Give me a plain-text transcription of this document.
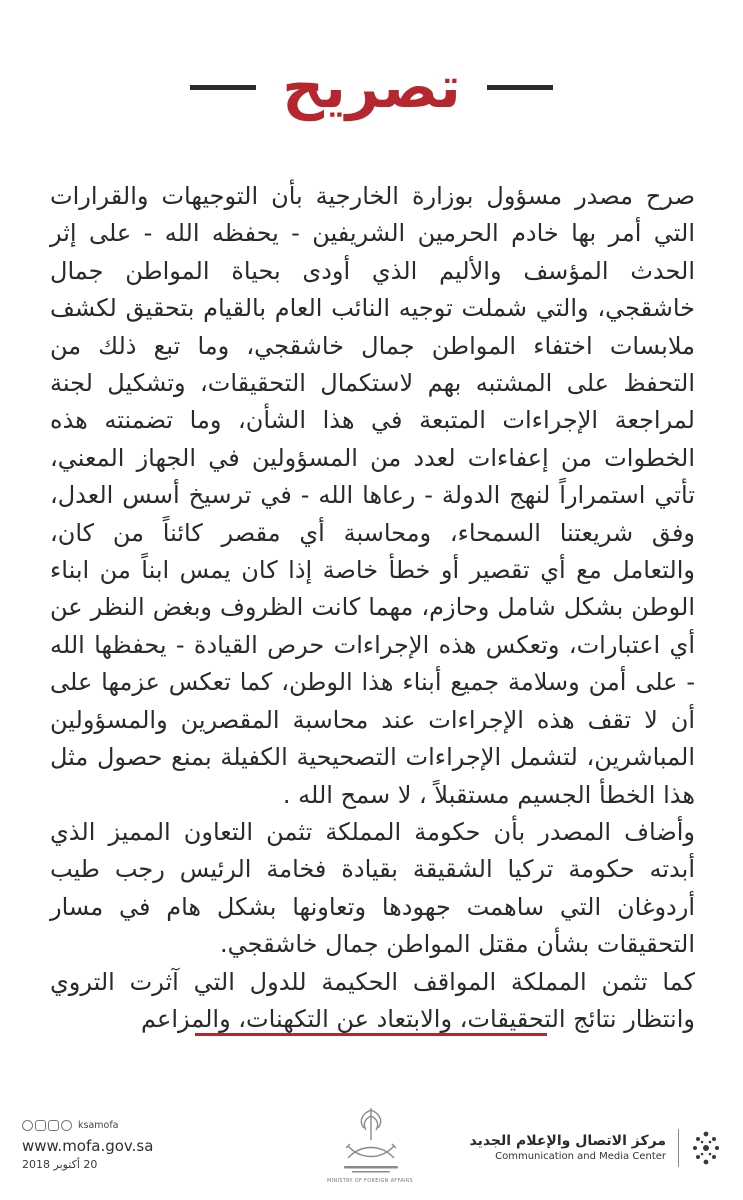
تصريح

صرح مصدر مسؤول بوزارة الخارجية بأن التوجيهات والقرارات التي أمر بها خادم الحرمين الشريفين - يحفظه الله - على إثر الحدث المؤسف والأليم الذي أودى بحياة المواطن جمال خاشقجي، والتي شملت توجيه النائب العام بالقيام بتحقيق لكشف ملابسات اختفاء المواطن جمال خاشقجي، وما تبع ذلك من التحفظ على المشتبه بهم لاستكمال التحقيقات، وتشكيل لجنة لمراجعة الإجراءات المتبعة في هذا الشأن، وما تضمنته هذه الخطوات من إعفاءات لعدد من المسؤولين في الجهاز المعني، تأتي استمراراً لنهج الدولة - رعاها الله - في ترسيخ أسس العدل، وفق شريعتنا السمحاء، ومحاسبة أي مقصر كائناً من كان، والتعامل مع أي تقصير أو خطأ خاصة إذا كان يمس ابناً من ابناء الوطن بشكل شامل وحازم، مهما كانت الظروف وبغض النظر عن أي اعتبارات، وتعكس هذه الإجراءات حرص القيادة - يحفظها الله - على أمن وسلامة جميع أبناء هذا الوطن، كما تعكس عزمها على أن لا تقف هذه الإجراءات عند محاسبة المقصرين والمسؤولين المباشرين، لتشمل الإجراءات التصحيحية الكفيلة بمنع حصول مثل هذا الخطأ الجسيم مستقبلاً ، لا سمح الله .

وأضاف المصدر بأن حكومة المملكة تثمن التعاون المميز الذي أبدته حكومة تركيا الشقيقة بقيادة فخامة الرئيس رجب طيب أردوغان التي ساهمت جهودها وتعاونها بشكل هام في مسار التحقيقات بشأن مقتل المواطن جمال خاشقجي.

كما تثمن المملكة المواقف الحكيمة للدول التي آثرت التروي وانتظار نتائج التحقيقات، والابتعاد عن التكهنات، والمزاعم

ksamofa
www.mofa.gov.sa
20 أكتوبر 2018
MINISTRY OF FOREIGN AFFAIRS
مركز الاتصال والإعلام الجديد
Communication and Media Center
